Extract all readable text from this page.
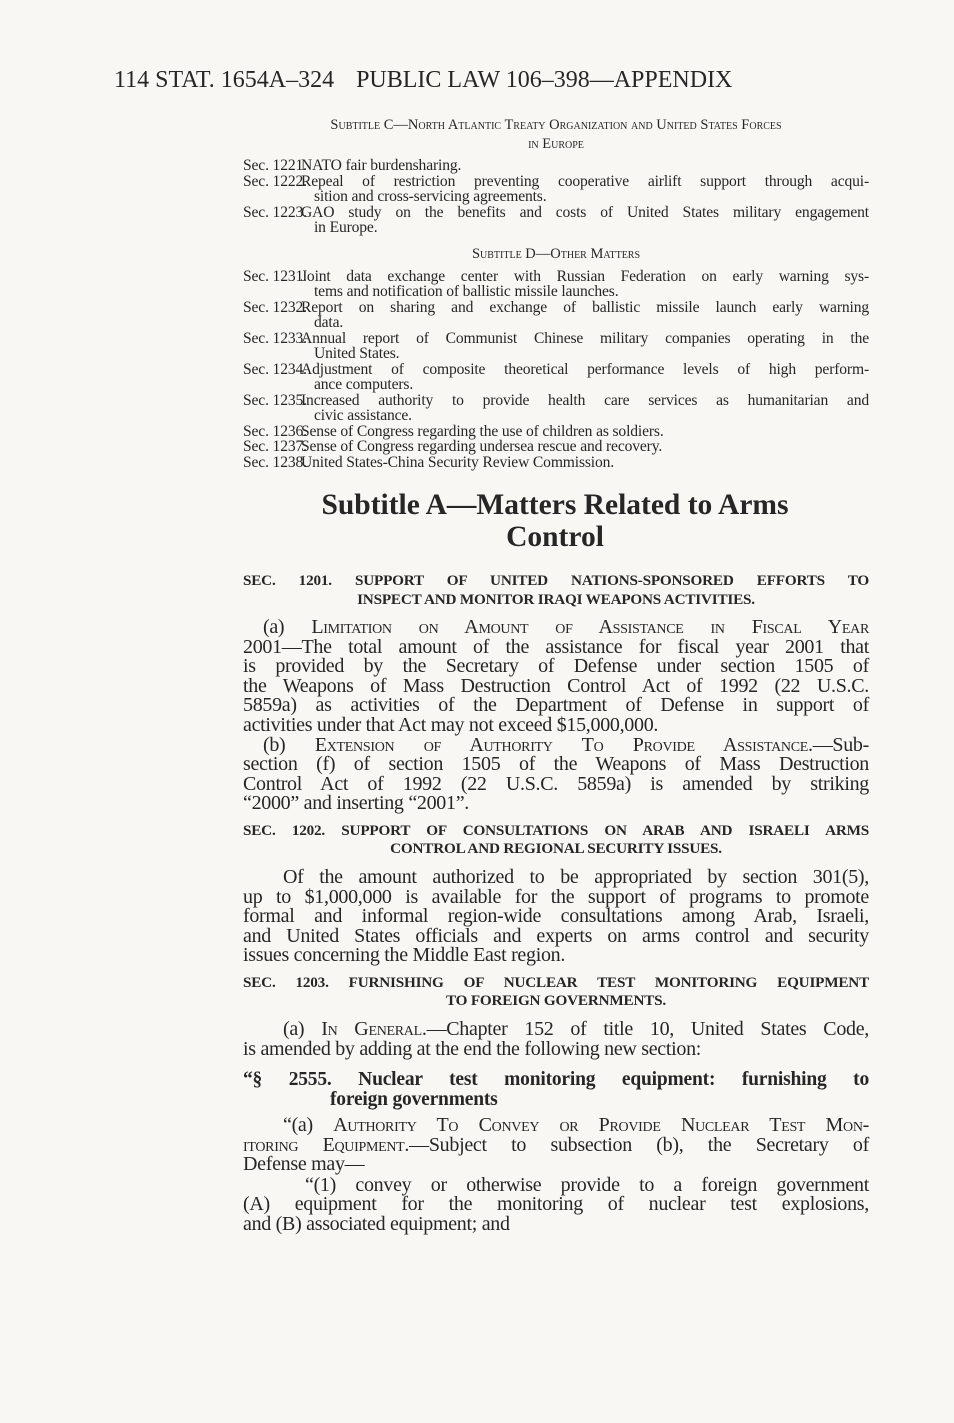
114 STAT. 1654A–324 PUBLIC LAW 106–398—APPENDIX
Subtitle C—North Atlantic Treaty Organization and United States Forces
in Europe
Sec. 1221.NATO fair burdensharing.
Sec. 1222.Repeal of restriction preventing cooperative airlift support through acqui-
sition and cross-servicing agreements.
Sec. 1223.GAO study on the benefits and costs of United States military engagement
in Europe.
Subtitle D—Other Matters
Sec. 1231.Joint data exchange center with Russian Federation on early warning sys-
tems and notification of ballistic missile launches.
Sec. 1232.Report on sharing and exchange of ballistic missile launch early warning
data.
Sec. 1233.Annual report of Communist Chinese military companies operating in the
United States.
Sec. 1234.Adjustment of composite theoretical performance levels of high perform-
ance computers.
Sec. 1235.Increased authority to provide health care services as humanitarian and
civic assistance.
Sec. 1236.Sense of Congress regarding the use of children as soldiers.
Sec. 1237.Sense of Congress regarding undersea rescue and recovery.
Sec. 1238.United States-China Security Review Commission.
Subtitle A—Matters Related to Arms
Control
SEC. 1201. SUPPORT OF UNITED NATIONS-SPONSORED EFFORTS TO
INSPECT AND MONITOR IRAQI WEAPONS ACTIVITIES.
(a) Limitation on Amount of Assistance in Fiscal Year
2001—The total amount of the assistance for fiscal year 2001 that
is provided by the Secretary of Defense under section 1505 of
the Weapons of Mass Destruction Control Act of 1992 (22 U.S.C.
5859a) as activities of the Department of Defense in support of
activities under that Act may not exceed $15,000,000.
(b) Extension of Authority To Provide Assistance.—Sub-
section (f) of section 1505 of the Weapons of Mass Destruction
Control Act of 1992 (22 U.S.C. 5859a) is amended by striking
“2000” and inserting “2001”.
SEC. 1202. SUPPORT OF CONSULTATIONS ON ARAB AND ISRAELI ARMS
CONTROL AND REGIONAL SECURITY ISSUES.
Of the amount authorized to be appropriated by section 301(5),
up to $1,000,000 is available for the support of programs to promote
formal and informal region-wide consultations among Arab, Israeli,
and United States officials and experts on arms control and security
issues concerning the Middle East region.
SEC. 1203. FURNISHING OF NUCLEAR TEST MONITORING EQUIPMENT
TO FOREIGN GOVERNMENTS.
(a) In General.—Chapter 152 of title 10, United States Code,
is amended by adding at the end the following new section:
“§ 2555. Nuclear test monitoring equipment: furnishing to
foreign governments
“(a) Authority To Convey or Provide Nuclear Test Mon-
itoring Equipment.—Subject to subsection (b), the Secretary of
Defense may—
“(1) convey or otherwise provide to a foreign government
(A) equipment for the monitoring of nuclear test explosions,
and (B) associated equipment; and
